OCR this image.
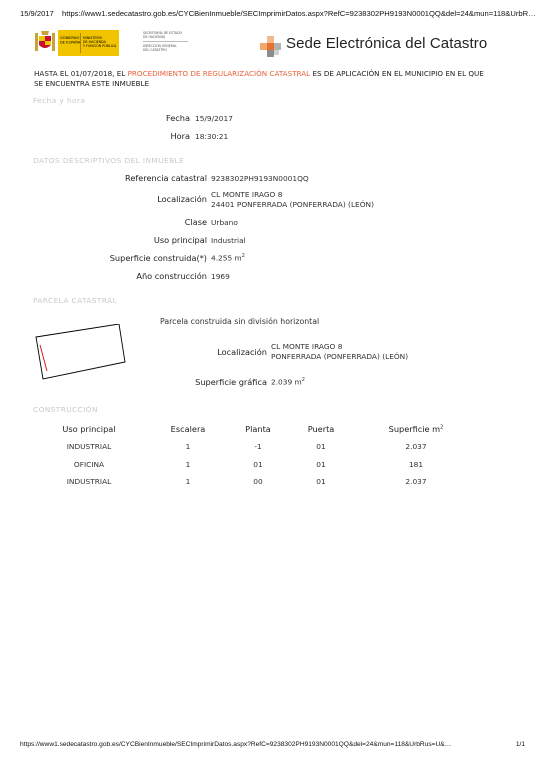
15/9/2017 https://www1.sedecatastro.gob.es/CYCBienInmueble/SECImprimirDatos.aspx?RefC=9238302PH9193N0001QQ&del=24&mun=118&UrbR…
GOBIERNO
DE ESPAÑA
MINISTERIO
DE HACIENDA
Y FUNCIÓN PÚBLICA
SECRETARÍA DE ESTADO
DE HACIENDA
DIRECCIÓN GENERAL
DEL CATASTRO	Sede Electrónica del Catastro
HASTA EL 01/07/2018, EL PROCEDIMIENTO DE REGULARIZACIÓN CATASTRAL ES DE APLICACIÓN EN EL MUNICIPIO EN EL QUE SE ENCUENTRA ESTE INMUEBLE
Fecha y hora
Fecha 15/9/2017
Hora 18:30:21
DATOS DESCRIPTIVOS DEL INMUEBLE
Referencia catastral 9238302PH9193N0001QQ
Localización CL MONTE IRAGO 8
24401 PONFERRADA (PONFERRADA) (LEÓN)
Clase Urbano
Uso principal Industrial
Superficie construida(*) 4.255 $m^2$
Año construcción 1969
PARCELA CATASTRAL
Parcela construida sin división horizontal
Localización
CL MONTE IRAGO 8
PONFERRADA (PONFERRADA) (LEÓN)
Superficie gráfica 2.039 $m^2$
CONSTRUCCIÓN
Uso principal	Escalera	Planta	Puerta	Superficie $m^2$
INDUSTRIAL	1	-1	01	2.037
OFICINA	1	01	01	181
INDUSTRIAL	1	00	01	2.037
https://www1.sedecatastro.gob.es/CYCBienInmueble/SECImprimirDatos.aspx?RefC=9238302PH9193N0001QQ&del=24&mun=118&UrbRus=U&…	1/1
